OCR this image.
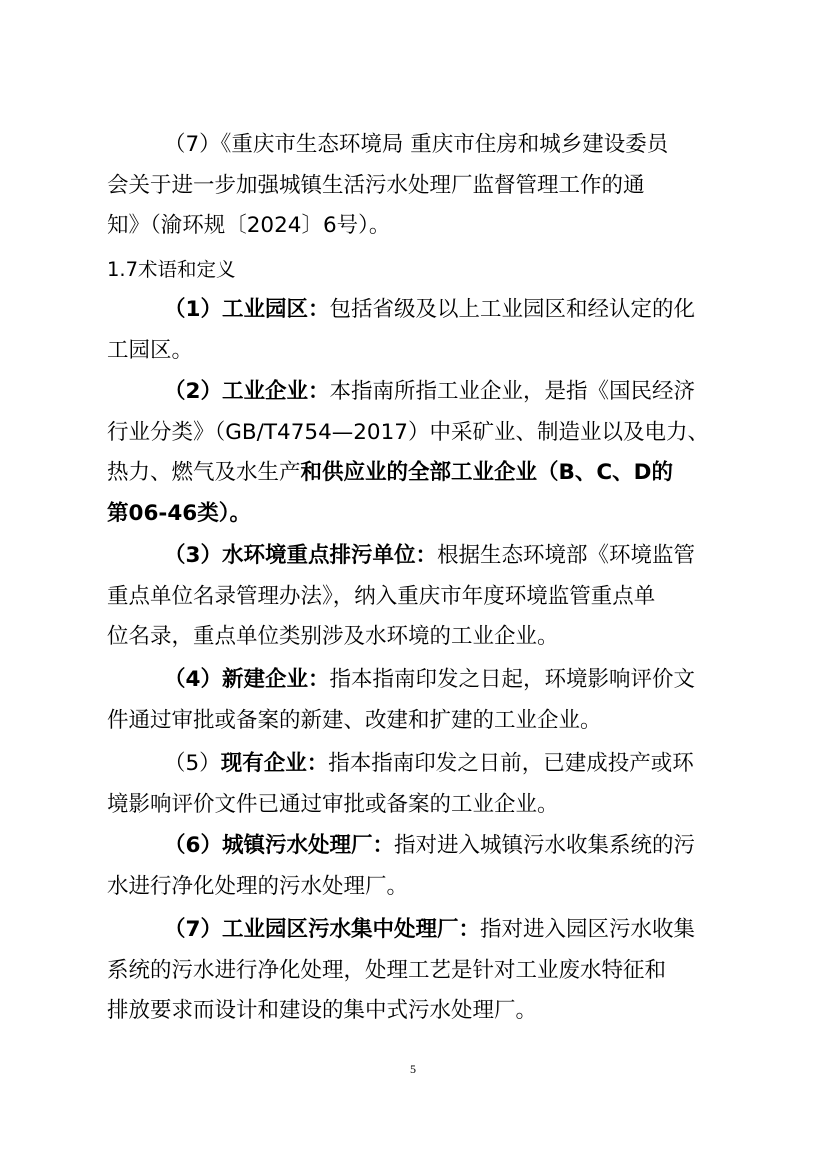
（7）《重庆市生态环境局 重庆市住房和城乡建设委员
会关于进一步加强城镇生活污水处理厂监督管理工作的通
知》（渝环规〔2024〕6号）。

1.7术语和定义

（1）工业园区：包括省级及以上工业园区和经认定的化
工园区。

（2）工业企业：本指南所指工业企业，是指《国民经济
行业分类》（GB/T4754—2017）中采矿业、制造业以及电力、
热力、燃气及水生产和供应业的全部工业企业（B、C、D的
第06-46类）。

（3）水环境重点排污单位：根据生态环境部《环境监管
重点单位名录管理办法》，纳入重庆市年度环境监管重点单
位名录，重点单位类别涉及水环境的工业企业。

（4）新建企业：指本指南印发之日起，环境影响评价文
件通过审批或备案的新建、改建和扩建的工业企业。

（5）现有企业：指本指南印发之日前，已建成投产或环
境影响评价文件已通过审批或备案的工业企业。

（6）城镇污水处理厂：指对进入城镇污水收集系统的污
水进行净化处理的污水处理厂。

（7）工业园区污水集中处理厂：指对进入园区污水收集
系统的污水进行净化处理，处理工艺是针对工业废水特征和
排放要求而设计和建设的集中式污水处理厂。

5
